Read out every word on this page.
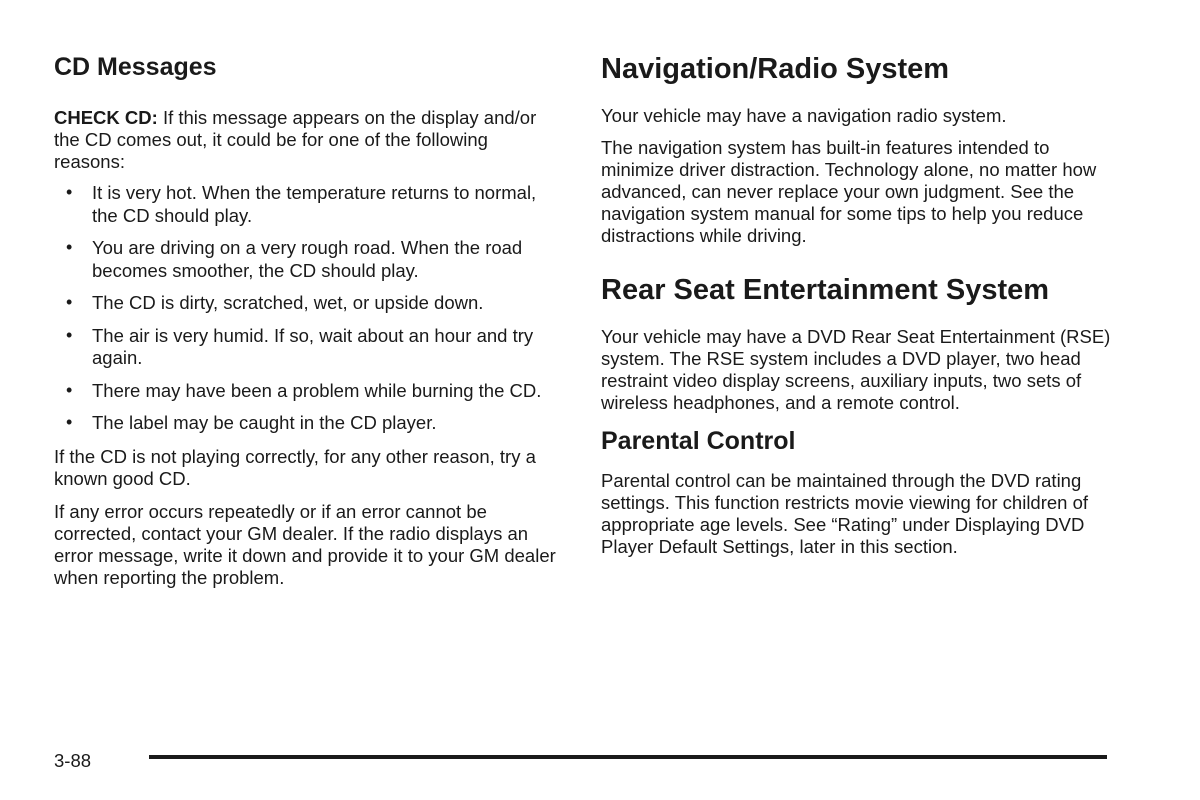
CD Messages

CHECK CD: If this message appears on the display and/or the CD comes out, it could be for one of the following reasons:

• It is very hot. When the temperature returns to normal, the CD should play.
• You are driving on a very rough road. When the road becomes smoother, the CD should play.
• The CD is dirty, scratched, wet, or upside down.
• The air is very humid. If so, wait about an hour and try again.
• There may have been a problem while burning the CD.
• The label may be caught in the CD player.

If the CD is not playing correctly, for any other reason, try a known good CD.

If any error occurs repeatedly or if an error cannot be corrected, contact your GM dealer. If the radio displays an error message, write it down and provide it to your GM dealer when reporting the problem.

Navigation/Radio System

Your vehicle may have a navigation radio system.

The navigation system has built-in features intended to minimize driver distraction. Technology alone, no matter how advanced, can never replace your own judgment. See the navigation system manual for some tips to help you reduce distractions while driving.

Rear Seat Entertainment System

Your vehicle may have a DVD Rear Seat Entertainment (RSE) system. The RSE system includes a DVD player, two head restraint video display screens, auxiliary inputs, two sets of wireless headphones, and a remote control.

Parental Control

Parental control can be maintained through the DVD rating settings. This function restricts movie viewing for children of appropriate age levels. See “Rating” under Displaying DVD Player Default Settings, later in this section.

3-88
